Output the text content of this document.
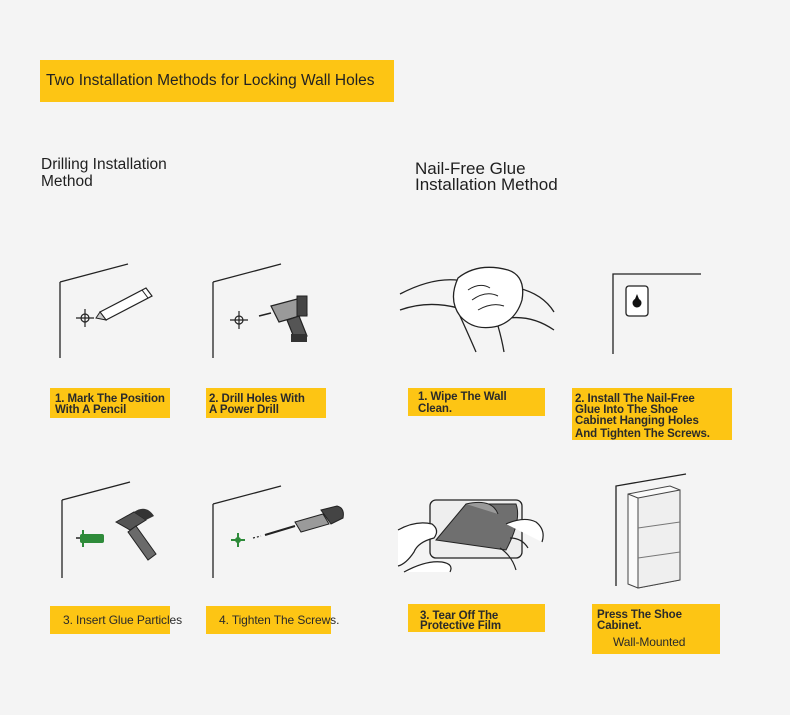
Two Installation Methods for Locking Wall Holes
Drilling Installation
Method
Nail-Free Glue
Installation Method
1. Mark The Position
With A Pencil
2. Drill Holes With
A Power Drill
1. Wipe The Wall
Clean.
2. Install The Nail-Free
Glue Into The Shoe
Cabinet Hanging Holes
And Tighten The Screws.
3. Insert Glue Particles	4. Tighten The Screws.	3. Tear Off The
Protective Film
Press The Shoe
Cabinet.
Wall-Mounted
